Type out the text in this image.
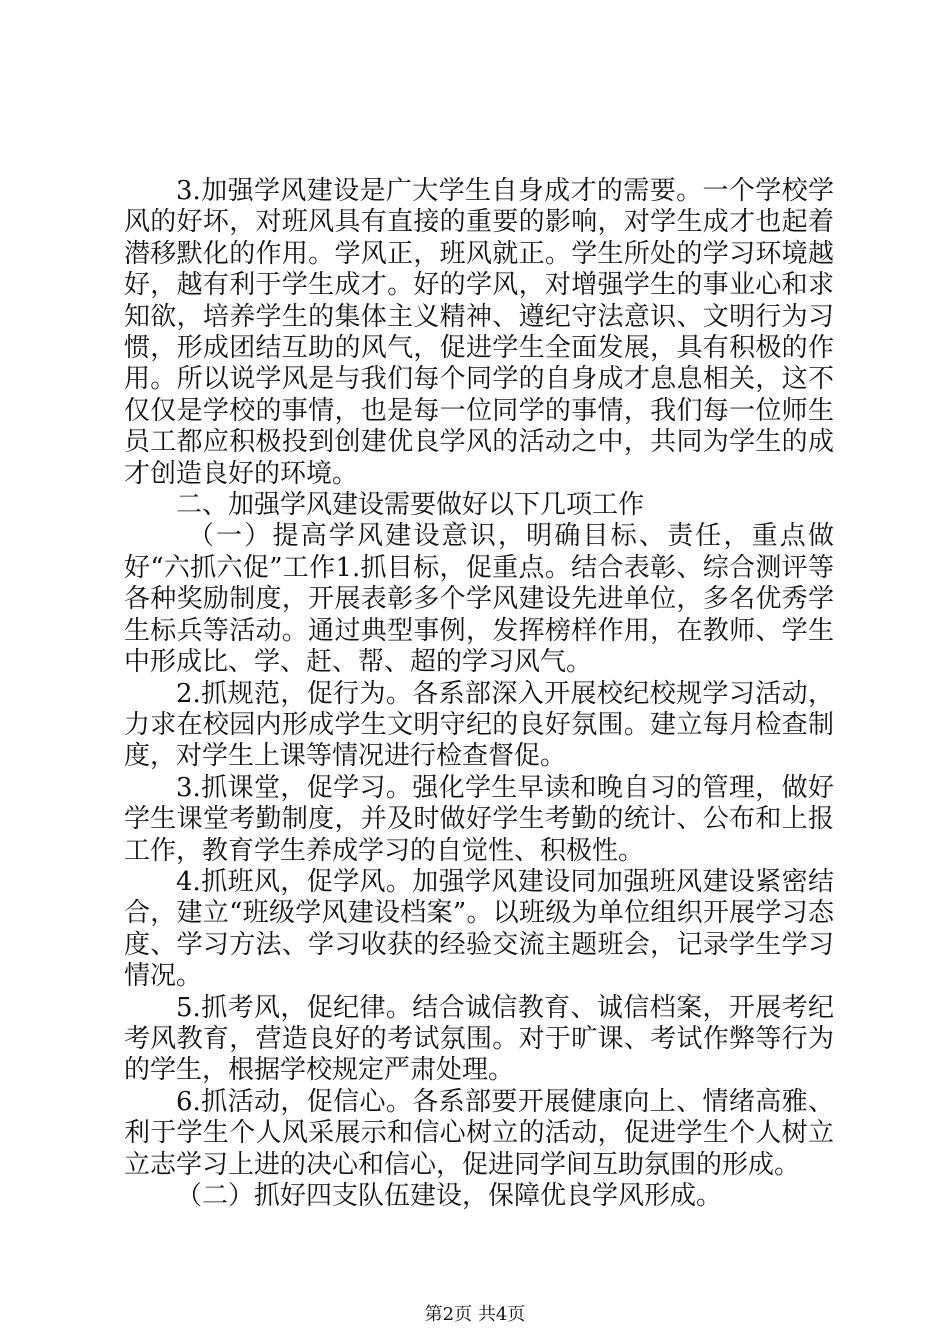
3.加强学风建设是广大学生自身成才的需要。一个学校学风的好坏，对班风具有直接的重要的影响，对学生成才也起着潜移默化的作用。学风正，班风就正。学生所处的学习环境越好，越有利于学生成才。好的学风，对增强学生的事业心和求知欲，培养学生的集体主义精神、遵纪守法意识、文明行为习惯，形成团结互助的风气，促进学生全面发展，具有积极的作用。所以说学风是与我们每个同学的自身成才息息相关，这不仅仅是学校的事情，也是每一位同学的事情，我们每一位师生员工都应积极投到创建优良学风的活动之中，共同为学生的成才创造良好的环境。

二、加强学风建设需要做好以下几项工作

（一）提高学风建设意识，明确目标、责任，重点做好“六抓六促”工作1.抓目标，促重点。结合表彰、综合测评等各种奖励制度，开展表彰多个学风建设先进单位，多名优秀学生标兵等活动。通过典型事例，发挥榜样作用，在教师、学生中形成比、学、赶、帮、超的学习风气。

2.抓规范，促行为。各系部深入开展校纪校规学习活动，力求在校园内形成学生文明守纪的良好氛围。建立每月检查制度，对学生上课等情况进行检查督促。

3.抓课堂，促学习。强化学生早读和晚自习的管理，做好学生课堂考勤制度，并及时做好学生考勤的统计、公布和上报工作，教育学生养成学习的自觉性、积极性。

4.抓班风，促学风。加强学风建设同加强班风建设紧密结合，建立“班级学风建设档案”。以班级为单位组织开展学习态度、学习方法、学习收获的经验交流主题班会，记录学生学习情况。

5.抓考风，促纪律。结合诚信教育、诚信档案，开展考纪考风教育，营造良好的考试氛围。对于旷课、考试作弊等行为的学生，根据学校规定严肃处理。

6.抓活动，促信心。各系部要开展健康向上、情绪高雅、利于学生个人风采展示和信心树立的活动，促进学生个人树立立志学习上进的决心和信心，促进同学间互助氛围的形成。

（二）抓好四支队伍建设，保障优良学风形成。

第2页 共4页
